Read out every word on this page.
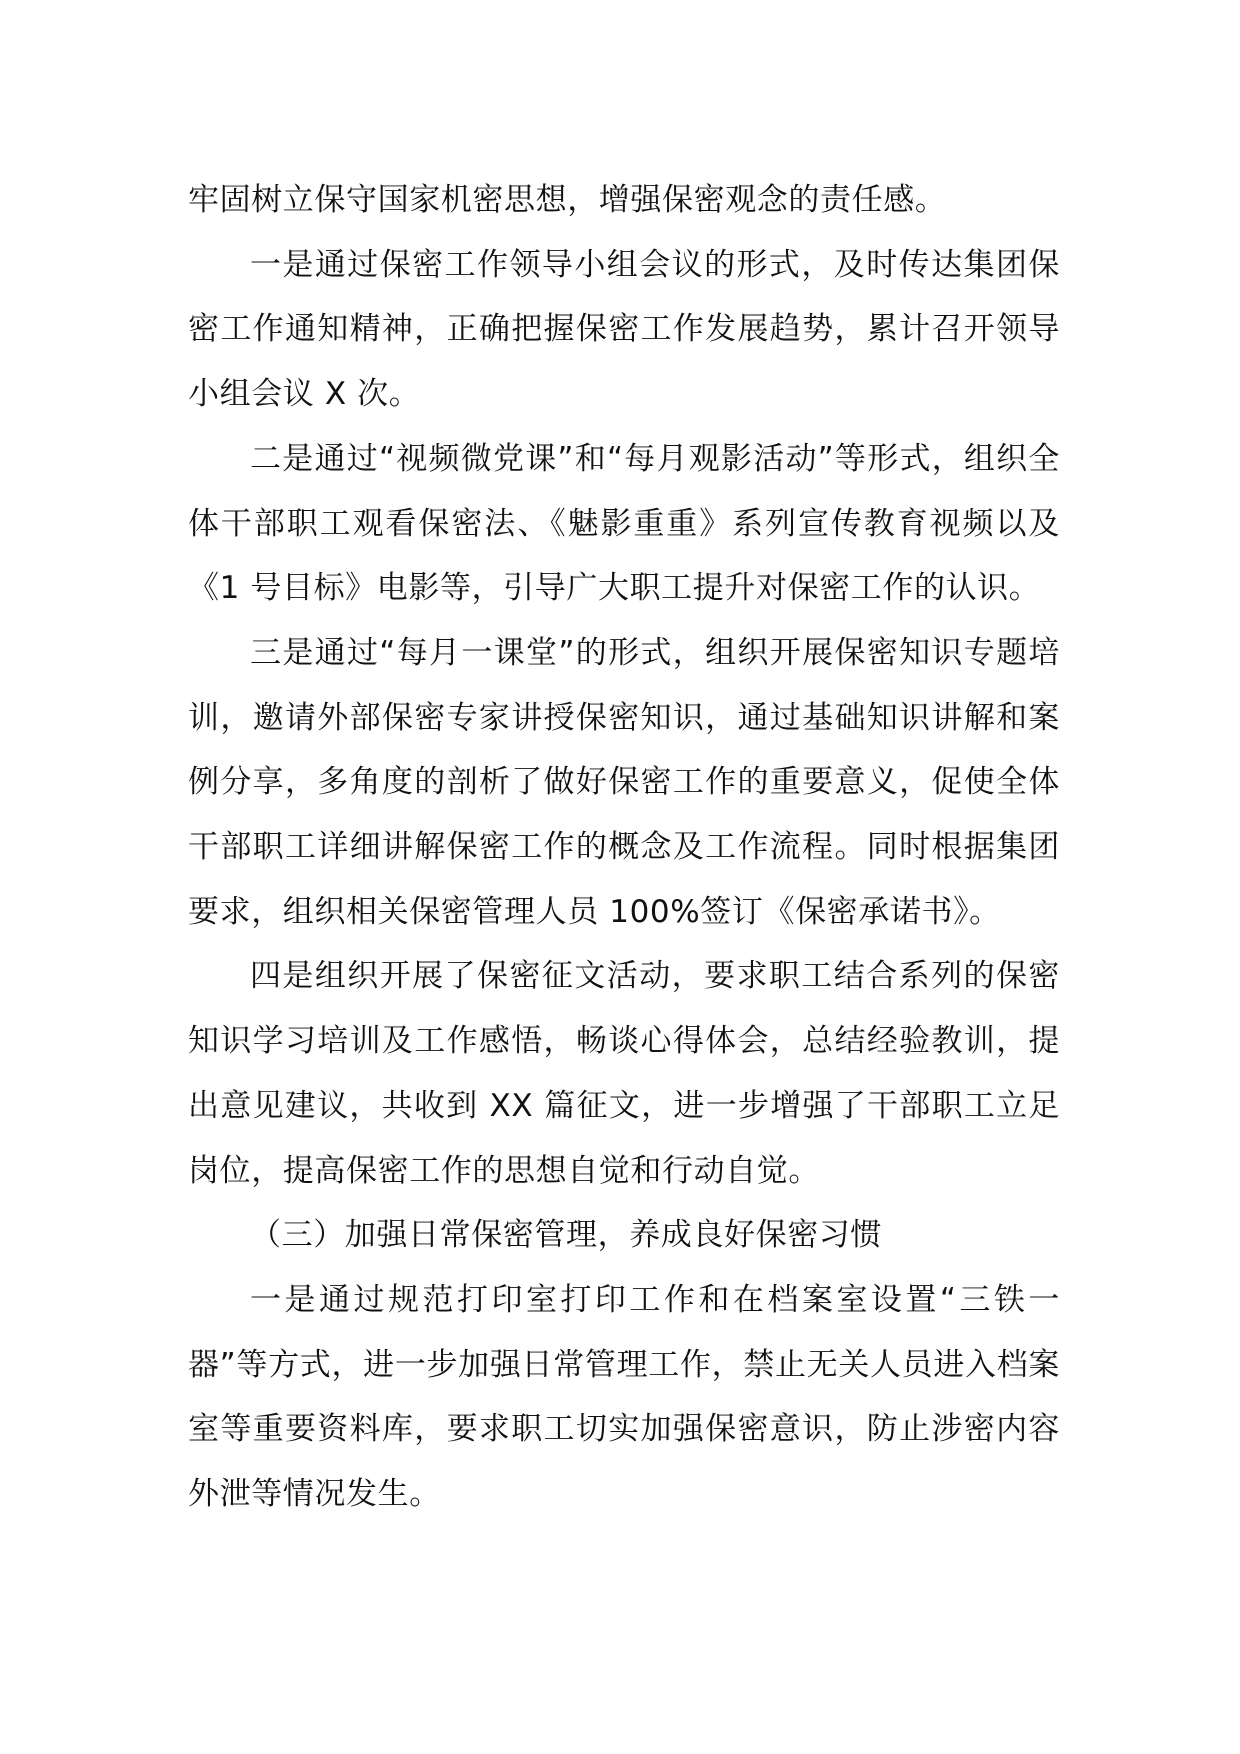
牢固树立保守国家机密思想，增强保密观念的责任感。

一是通过保密工作领导小组会议的形式，及时传达集团保密工作通知精神，正确把握保密工作发展趋势，累计召开领导小组会议 X 次。

二是通过“视频微党课”和“每月观影活动”等形式，组织全体干部职工观看保密法、《魅影重重》系列宣传教育视频以及《1 号目标》电影等，引导广大职工提升对保密工作的认识。

三是通过“每月一课堂”的形式，组织开展保密知识专题培训，邀请外部保密专家讲授保密知识，通过基础知识讲解和案例分享，多角度的剖析了做好保密工作的重要意义，促使全体干部职工详细讲解保密工作的概念及工作流程。同时根据集团要求，组织相关保密管理人员 100%签订《保密承诺书》。

四是组织开展了保密征文活动，要求职工结合系列的保密知识学习培训及工作感悟，畅谈心得体会，总结经验教训，提出意见建议，共收到 XX 篇征文，进一步增强了干部职工立足岗位，提高保密工作的思想自觉和行动自觉。

（三）加强日常保密管理，养成良好保密习惯

一是通过规范打印室打印工作和在档案室设置“三铁一器”等方式，进一步加强日常管理工作，禁止无关人员进入档案室等重要资料库，要求职工切实加强保密意识，防止涉密内容外泄等情况发生。
